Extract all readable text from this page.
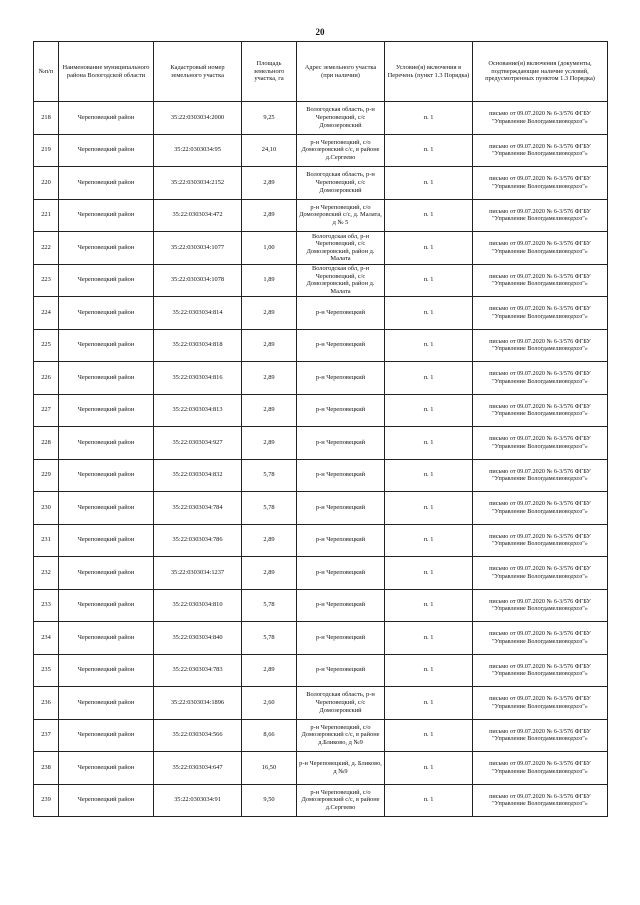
20
№п/п	Наименование муниципального района Вологодской области	Кадастровый номер земельного участка	Площадь земельного участка, га	Адрес земельного участка (при наличии)	Условие(я) включения в Перечень (пункт 1.3 Порядка)	Основание(я) включения (документы, подтверждающие наличие условий, предусмотренных пунктом 1.3 Порядка)
218	Череповецкий район	35:22:0303034:2000	9,25	Вологодская область, р-н Череповецкий, с/с Домозеровский	п. 1	письмо от 09.07.2020 № 6-3/576 ФГБУ "Управление Вологдамелиоводхоз"»
219	Череповецкий район	35:22:0303034:95	24,10	р-н Череповецкий, с/о Домозеровский с/с, в районе д.Сергеево	п. 1	письмо от 09.07.2020 № 6-3/576 ФГБУ "Управление Вологдамелиоводхоз"»
220	Череповецкий район	35:22:0303034:2152	2,89	Вологодская область, р-н Череповецкий, с/с Домозеровский	п. 1	письмо от 09.07.2020 № 6-3/576 ФГБУ "Управление Вологдамелиоводхоз"»
221	Череповецкий район	35:22:0303034:472	2,89	р-н Череповецкий, с/о Домозеровский с/с, д. Малата, д № 5	п. 1	письмо от 09.07.2020 № 6-3/576 ФГБУ "Управление Вологдамелиоводхоз"»
222	Череповецкий район	35:22:0303034:1077	1,00	Вологодская обл, р-н Череповецкий, с/с Домозеровский, район д. Малата	п. 1	письмо от 09.07.2020 № 6-3/576 ФГБУ "Управление Вологдамелиоводхоз"»
223	Череповецкий район	35:22:0303034:1078	1,89	Вологодская обл, р-н Череповецкий, с/с Домозеровский, район д. Малата	п. 1	письмо от 09.07.2020 № 6-3/576 ФГБУ "Управление Вологдамелиоводхоз"»
224	Череповецкий район	35:22:0303034:814	2,89	р-н Череповецкий	п. 1	письмо от 09.07.2020 № 6-3/576 ФГБУ "Управление Вологдамелиоводхоз"»
225	Череповецкий район	35:22:0303034:818	2,89	р-н Череповецкий	п. 1	письмо от 09.07.2020 № 6-3/576 ФГБУ "Управление Вологдамелиоводхоз"»
226	Череповецкий район	35:22:0303034:816	2,89	р-н Череповецкий	п. 1	письмо от 09.07.2020 № 6-3/576 ФГБУ "Управление Вологдамелиоводхоз"»
227	Череповецкий район	35:22:0303034:813	2,89	р-н Череповецкий	п. 1	письмо от 09.07.2020 № 6-3/576 ФГБУ "Управление Вологдамелиоводхоз"»
228	Череповецкий район	35:22:0303034:927	2,89	р-н Череповецкий	п. 1	письмо от 09.07.2020 № 6-3/576 ФГБУ "Управление Вологдамелиоводхоз"»
229	Череповецкий район	35:22:0303034:832	5,78	р-н Череповецкий	п. 1	письмо от 09.07.2020 № 6-3/576 ФГБУ "Управление Вологдамелиоводхоз"»
230	Череповецкий район	35:22:0303034:784	5,78	р-н Череповецкий	п. 1	письмо от 09.07.2020 № 6-3/576 ФГБУ "Управление Вологдамелиоводхоз"»
231	Череповецкий район	35:22:0303034:786	2,89	р-н Череповецкий	п. 1	письмо от 09.07.2020 № 6-3/576 ФГБУ "Управление Вологдамелиоводхоз"»
232	Череповецкий район	35:22:0303034:1237	2,89	р-н Череповецкий	п. 1	письмо от 09.07.2020 № 6-3/576 ФГБУ "Управление Вологдамелиоводхоз"»
233	Череповецкий район	35:22:0303034:810	5,78	р-н Череповецкий	п. 1	письмо от 09.07.2020 № 6-3/576 ФГБУ "Управление Вологдамелиоводхоз"»
234	Череповецкий район	35:22:0303034:840	5,78	р-н Череповецкий	п. 1	письмо от 09.07.2020 № 6-3/576 ФГБУ "Управление Вологдамелиоводхоз"»
235	Череповецкий район	35:22:0303034:783	2,89	р-н Череповецкий	п. 1	письмо от 09.07.2020 № 6-3/576 ФГБУ "Управление Вологдамелиоводхоз"»
236	Череповецкий район	35:22:0303034:1896	2,60	Вологодская область, р-н Череповецкий, с/с Домозеровский	п. 1	письмо от 09.07.2020 № 6-3/576 ФГБУ "Управление Вологдамелиоводхоз"»
237	Череповецкий район	35:22:0303034:566	8,66	р-н Череповецкий, с/о Домозеровский с/с, в районе д.Бликово, д №9	п. 1	письмо от 09.07.2020 № 6-3/576 ФГБУ "Управление Вологдамелиоводхоз"»
238	Череповецкий район	35:22:0303034:647	16,50	р-н Череповецкий, д. Бликово, д №9	п. 1	письмо от 09.07.2020 № 6-3/576 ФГБУ "Управление Вологдамелиоводхоз"»
239	Череповецкий район	35:22:0303034:91	9,50	р-н Череповецкий, с/о Домозеровский с/с, в районе д.Сергеево	п. 1	письмо от 09.07.2020 № 6-3/576 ФГБУ "Управление Вологдамелиоводхоз"»
